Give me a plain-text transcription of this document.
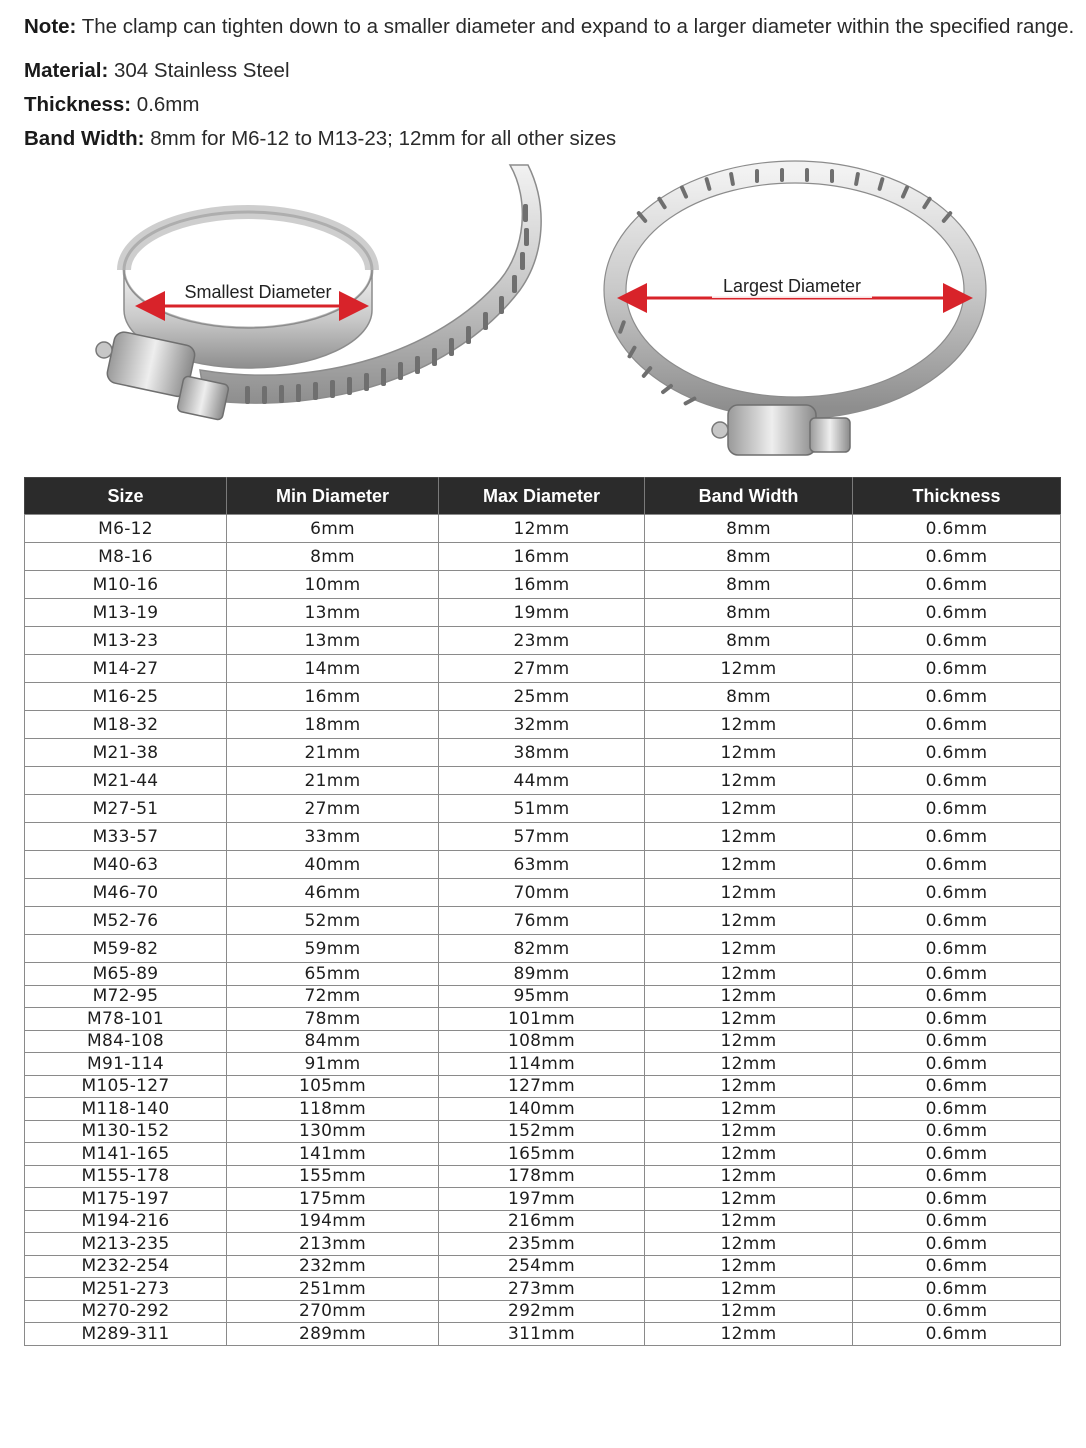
Note: The clamp can tighten down to a smaller diameter and expand to a larger diameter within the specified range.
Material: 304 Stainless Steel
Thickness: 0.6mm
Band Width: 8mm for M6-12 to M13-23; 12mm for all other sizes
Smallest Diameter	Largest Diameter
Size	Min Diameter	Max Diameter	Band Width	Thickness
M6-12	6mm	12mm	8mm	0.6mm
M8-16	8mm	16mm	8mm	0.6mm
M10-16	10mm	16mm	8mm	0.6mm
M13-19	13mm	19mm	8mm	0.6mm
M13-23	13mm	23mm	8mm	0.6mm
M14-27	14mm	27mm	12mm	0.6mm
M16-25	16mm	25mm	8mm	0.6mm
M18-32	18mm	32mm	12mm	0.6mm
M21-38	21mm	38mm	12mm	0.6mm
M21-44	21mm	44mm	12mm	0.6mm
M27-51	27mm	51mm	12mm	0.6mm
M33-57	33mm	57mm	12mm	0.6mm
M40-63	40mm	63mm	12mm	0.6mm
M46-70	46mm	70mm	12mm	0.6mm
M52-76	52mm	76mm	12mm	0.6mm
M59-82	59mm	82mm	12mm	0.6mm
M65-89	65mm	89mm	12mm	0.6mm
M72-95	72mm	95mm	12mm	0.6mm
M78-101	78mm	101mm	12mm	0.6mm
M84-108	84mm	108mm	12mm	0.6mm
M91-114	91mm	114mm	12mm	0.6mm
M105-127	105mm	127mm	12mm	0.6mm
M118-140	118mm	140mm	12mm	0.6mm
M130-152	130mm	152mm	12mm	0.6mm
M141-165	141mm	165mm	12mm	0.6mm
M155-178	155mm	178mm	12mm	0.6mm
M175-197	175mm	197mm	12mm	0.6mm
M194-216	194mm	216mm	12mm	0.6mm
M213-235	213mm	235mm	12mm	0.6mm
M232-254	232mm	254mm	12mm	0.6mm
M251-273	251mm	273mm	12mm	0.6mm
M270-292	270mm	292mm	12mm	0.6mm
M289-311	289mm	311mm	12mm	0.6mm
